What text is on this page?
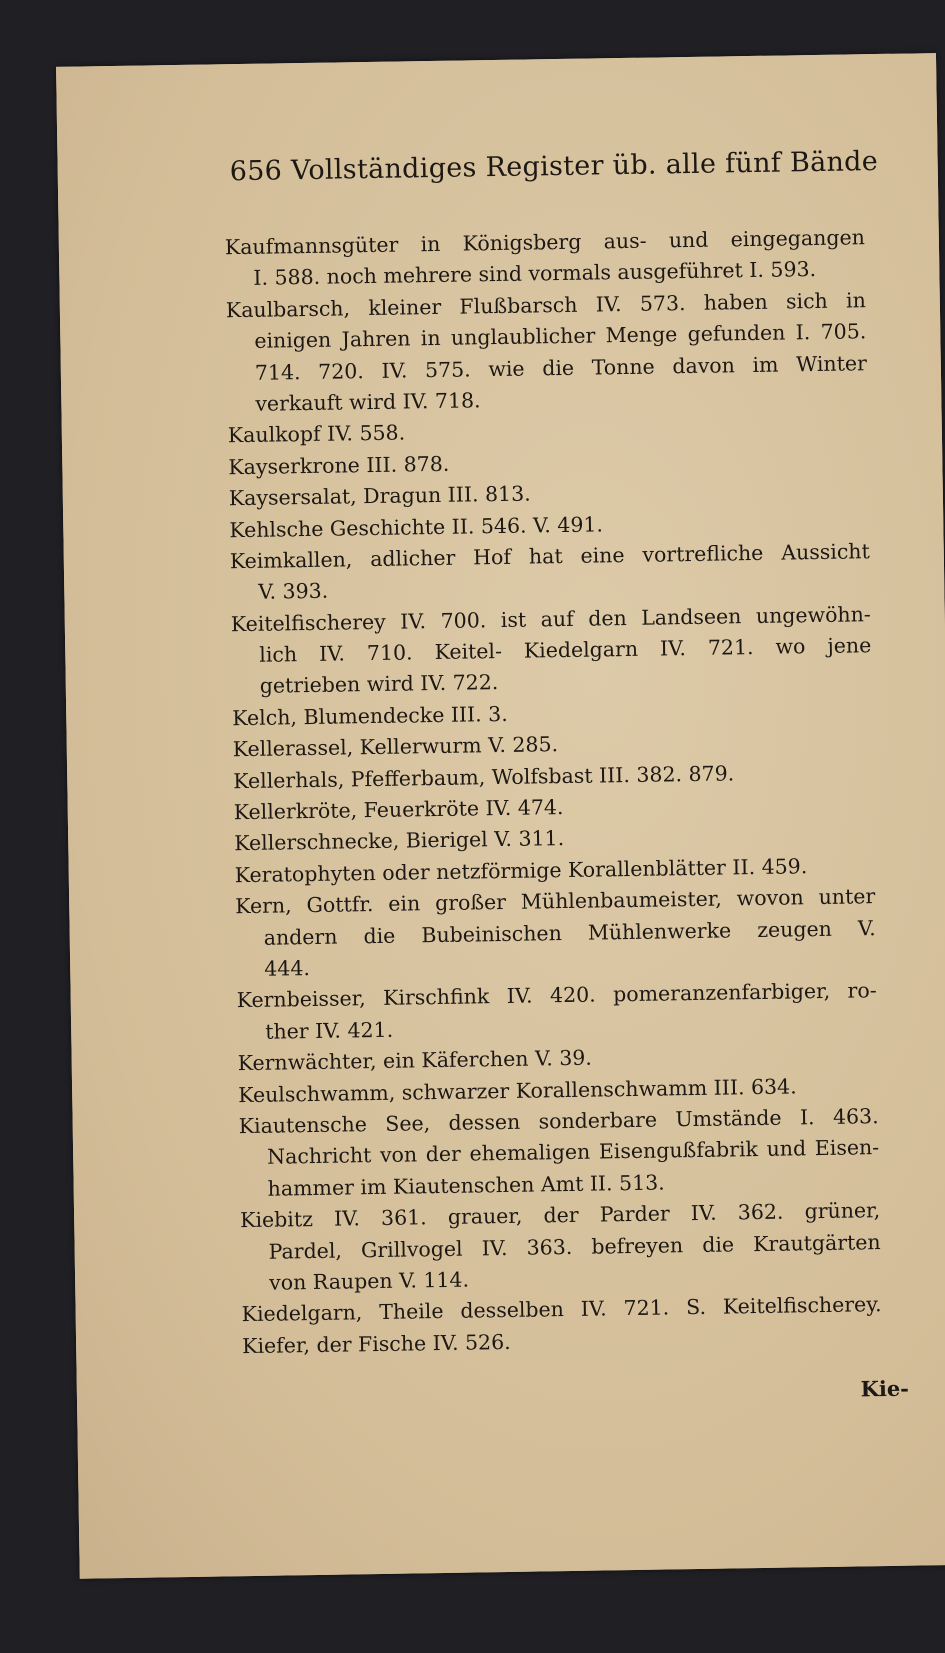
656 Vollständiges Register üb. alle fünf Bände
Kaufmannsgüter in Königsberg aus- und eingegangen
I. 588. noch mehrere sind vormals ausgeführet I. 593.
Kaulbarsch, kleiner Flußbarsch IV. 573. haben sich in
einigen Jahren in unglaublicher Menge gefunden I. 705.
714. 720. IV. 575. wie die Tonne davon im Winter
verkauft wird IV. 718.
Kaulkopf IV. 558.
Kayserkrone III. 878.
Kaysersalat, Dragun III. 813.
Kehlsche Geschichte II. 546. V. 491.
Keimkallen, adlicher Hof hat eine vortrefliche Aussicht
V. 393.
Keitelfischerey IV. 700. ist auf den Landseen ungewöhn-
lich IV. 710. Keitel- Kiedelgarn IV. 721. wo jene
getrieben wird IV. 722.
Kelch, Blumendecke III. 3.
Kellerassel, Kellerwurm V. 285.
Kellerhals, Pfefferbaum, Wolfsbast III. 382. 879.
Kellerkröte, Feuerkröte IV. 474.
Kellerschnecke, Bierigel V. 311.
Keratophyten oder netzförmige Korallenblätter II. 459.
Kern, Gottfr. ein großer Mühlenbaumeister, wovon unter
andern die Bubeinischen Mühlenwerke zeugen V.
444.
Kernbeisser, Kirschfink IV. 420. pomeranzenfarbiger, ro-
ther IV. 421.
Kernwächter, ein Käferchen V. 39.
Keulschwamm, schwarzer Korallenschwamm III. 634.
Kiautensche See, dessen sonderbare Umstände I. 463.
Nachricht von der ehemaligen Eisengußfabrik und Eisen-
hammer im Kiautenschen Amt II. 513.
Kiebitz IV. 361. grauer, der Parder IV. 362. grüner,
Pardel, Grillvogel IV. 363. befreyen die Krautgärten
von Raupen V. 114.
Kiedelgarn, Theile desselben IV. 721. S. Keitelfischerey.
Kiefer, der Fische IV. 526.
Kie-
